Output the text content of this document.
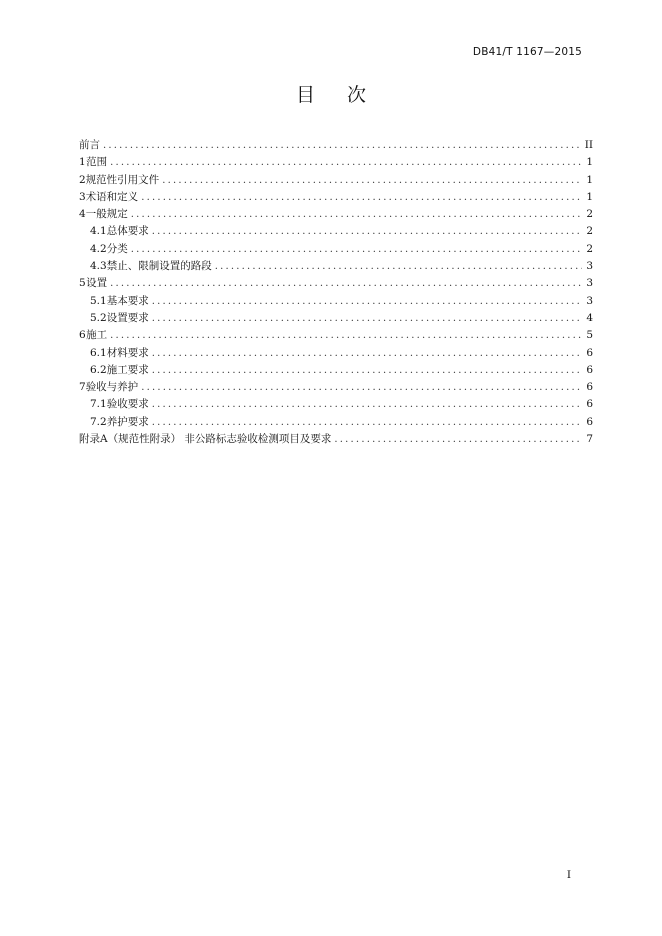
DB41/T 1167—2015
目次
前言 .....	II
1 范围 .....	1
2 规范性引用文件 .....	1
3 术语和定义 .....	1
4 一般规定 .....	2
4.1 总体要求 .....	2
4.2 分类 .....	2
4.3 禁止、限制设置的路段 .....	3
5 设置 .....	3
5.1 基本要求 .....	3
5.2 设置要求 .....	4
6 施工 .....	5
6.1 材料要求 .....	6
6.2 施工要求 .....	6
7 验收与养护 .....	6
7.1 验收要求 .....	6
7.2 养护要求 .....	6
附录A（规范性附录） 非公路标志验收检测项目及要求 .....	7
I
